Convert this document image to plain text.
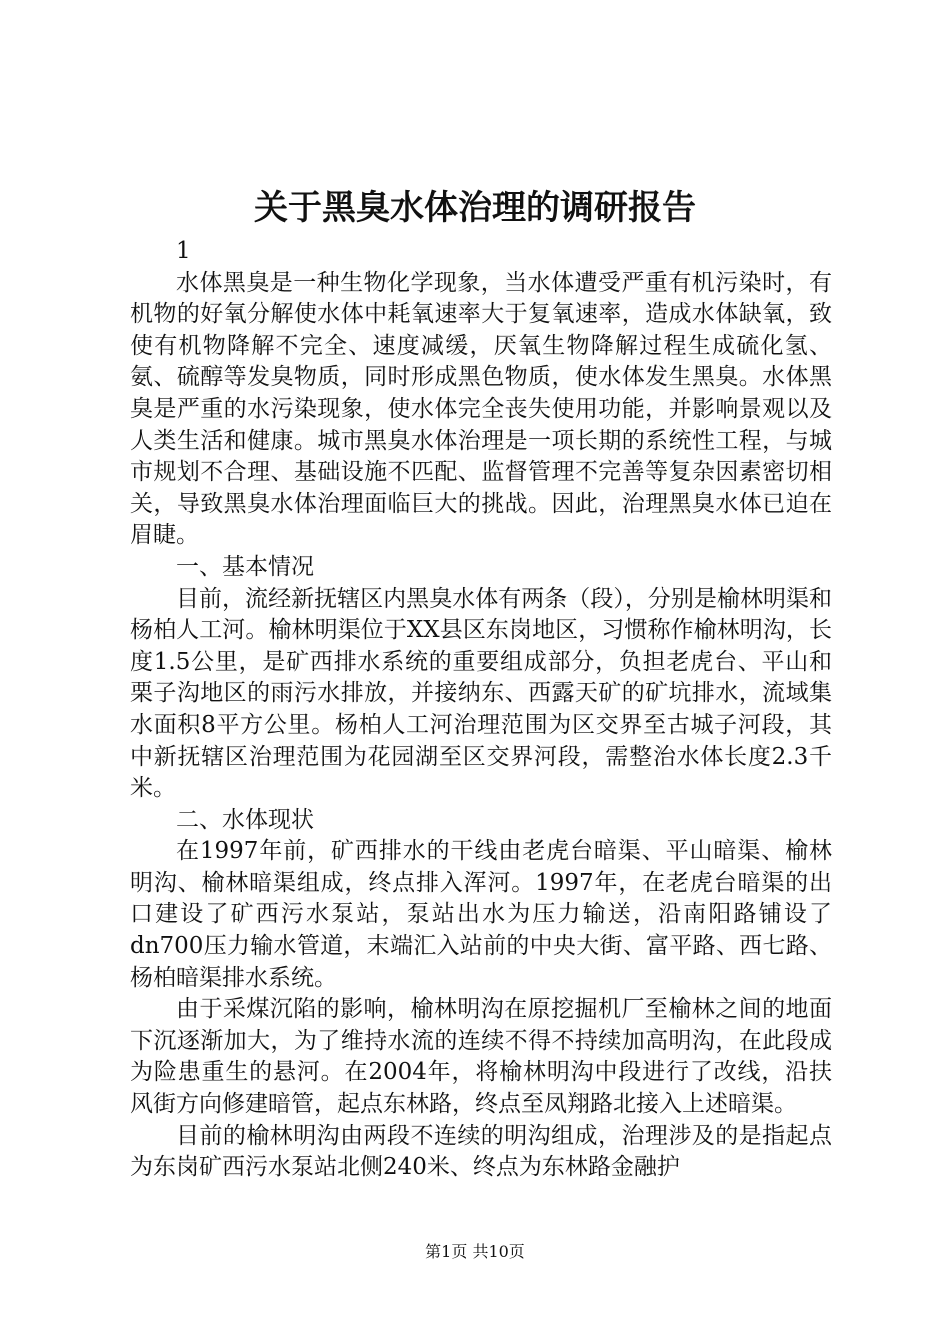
关于黑臭水体治理的调研报告

1

水体黑臭是一种生物化学现象，当水体遭受严重有机污染时，有机物的好氧分解使水体中耗氧速率大于复氧速率，造成水体缺氧，致使有机物降解不完全、速度减缓，厌氧生物降解过程生成硫化氢、氨、硫醇等发臭物质，同时形成黑色物质，使水体发生黑臭。水体黑臭是严重的水污染现象，使水体完全丧失使用功能，并影响景观以及人类生活和健康。城市黑臭水体治理是一项长期的系统性工程，与城市规划不合理、基础设施不匹配、监督管理不完善等复杂因素密切相关，导致黑臭水体治理面临巨大的挑战。因此，治理黑臭水体已迫在眉睫。

一、基本情况

目前，流经新抚辖区内黑臭水体有两条（段），分别是榆林明渠和杨柏人工河。榆林明渠位于XX县区东岗地区，习惯称作榆林明沟，长度1.5公里，是矿西排水系统的重要组成部分，负担老虎台、平山和栗子沟地区的雨污水排放，并接纳东、西露天矿的矿坑排水，流域集水面积8平方公里。杨柏人工河治理范围为区交界至古城子河段，其中新抚辖区治理范围为花园湖至区交界河段，需整治水体长度2.3千米。

二、水体现状

在1997年前，矿西排水的干线由老虎台暗渠、平山暗渠、榆林明沟、榆林暗渠组成，终点排入浑河。1997年，在老虎台暗渠的出口建设了矿西污水泵站，泵站出水为压力输送，沿南阳路铺设了dn700压力输水管道，末端汇入站前的中央大街、富平路、西七路、杨柏暗渠排水系统。

由于采煤沉陷的影响，榆林明沟在原挖掘机厂至榆林之间的地面下沉逐渐加大，为了维持水流的连续不得不持续加高明沟，在此段成为险患重生的悬河。在2004年，将榆林明沟中段进行了改线，沿扶风街方向修建暗管，起点东林路，终点至凤翔路北接入上述暗渠。

目前的榆林明沟由两段不连续的明沟组成，治理涉及的是指起点为东岗矿西污水泵站北侧240米、终点为东林路金融护

第1页 共10页
